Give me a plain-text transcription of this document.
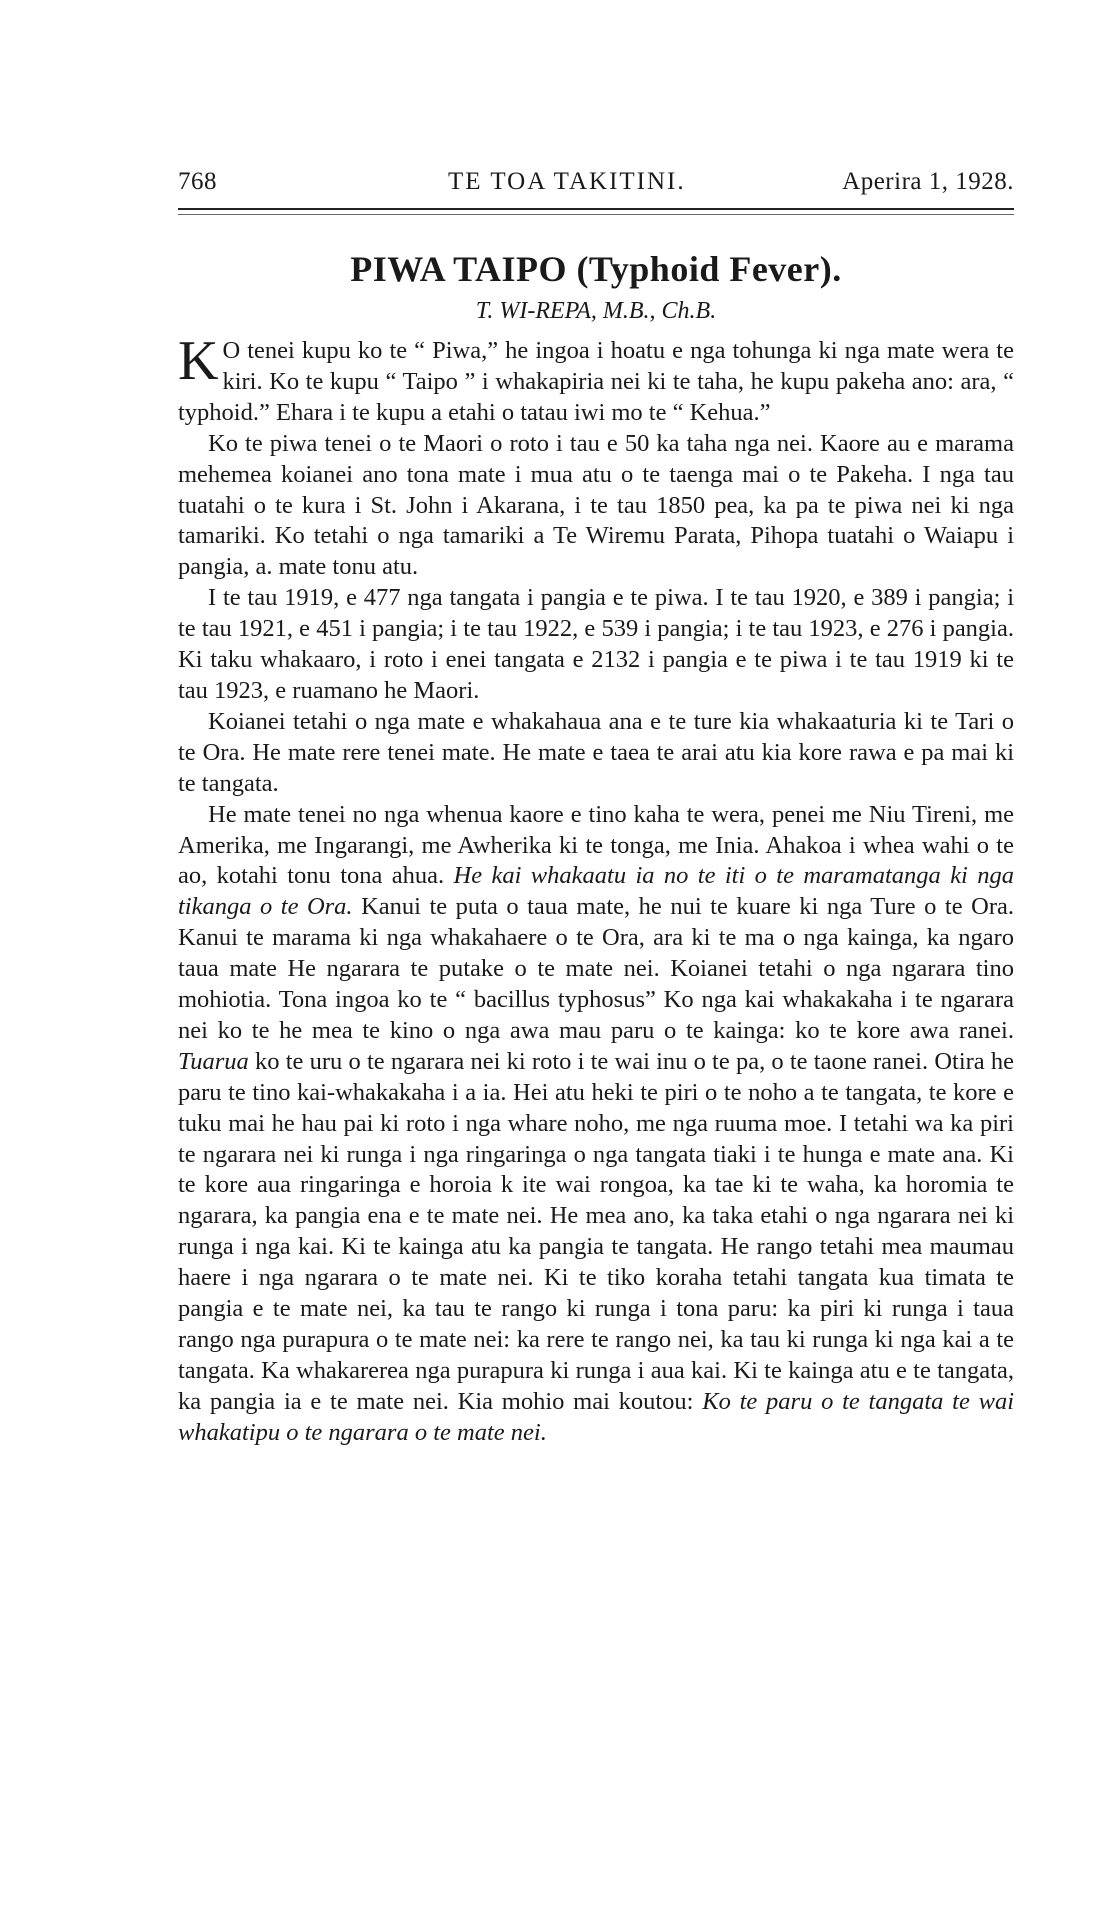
768	TE TOA TAKITINI.	Aperira 1, 1928.
PIWA TAIPO (Typhoid Fever).
T. WI-REPA, M.B., Ch.B.

K O tenei kupu ko te “ Piwa,” he ingoa i hoatu e nga tohunga ki nga mate wera te kiri. Ko te kupu “ Taipo ” i whakapiria nei ki te taha, he kupu pakeha ano: ara, “ typhoid.” Ehara i te kupu a etahi o tatau iwi mo te “ Kehua.”

Ko te piwa tenei o te Maori o roto i tau e 50 ka taha nga nei. Kaore au e marama mehemea koianei ano tona mate i mua atu o te taenga mai o te Pakeha. I nga tau tuatahi o te kura i St. John i Akarana, i te tau 1850 pea, ka pa te piwa nei ki nga tamariki. Ko tetahi o nga tamariki a Te Wiremu Parata, Pihopa tuatahi o Waiapu i pangia, a. mate tonu atu.

I te tau 1919, e 477 nga tangata i pangia e te piwa. I te tau 1920, e 389 i pangia; i te tau 1921, e 451 i pangia; i te tau 1922, e 539 i pangia; i te tau 1923, e 276 i pangia. Ki taku whakaaro, i roto i enei tangata e 2132 i pangia e te piwa i te tau 1919 ki te tau 1923, e ruamano he Maori.

Koianei tetahi o nga mate e whakahaua ana e te ture kia whakaaturia ki te Tari o te Ora. He mate rere tenei mate. He mate e taea te arai atu kia kore rawa e pa mai ki te tangata.

He mate tenei no nga whenua kaore e tino kaha te wera, penei me Niu Tireni, me Amerika, me Ingarangi, me Awherika ki te tonga, me Inia. Ahakoa i whea wahi o te ao, kotahi tonu tona ahua. He kai whakaatu ia no te iti o te maramatanga ki nga tikanga o te Ora. Kanui te puta o taua mate, he nui te kuare ki nga Ture o te Ora. Kanui te marama ki nga whakahaere o te Ora, ara ki te ma o nga kainga, ka ngaro taua mate He ngarara te putake o te mate nei. Koianei tetahi o nga ngarara tino mohiotia. Tona ingoa ko te “ bacillus typhosus” Ko nga kai whakakaha i te ngarara nei ko te he mea te kino o nga awa mau paru o te kainga: ko te kore awa ranei. Tuarua ko te uru o te ngarara nei ki roto i te wai inu o te pa, o te taone ranei. Otira he paru te tino kai-whakakaha i a ia. Hei atu heki te piri o te noho a te tangata, te kore e tuku mai he hau pai ki roto i nga whare noho, me nga ruuma moe. I tetahi wa ka piri te ngarara nei ki runga i nga ringaringa o nga tangata tiaki i te hunga e mate ana. Ki te kore aua ringaringa e horoia k ite wai rongoa, ka tae ki te waha, ka horomia te ngarara, ka pangia ena e te mate nei. He mea ano, ka taka etahi o nga ngarara nei ki runga i nga kai. Ki te kainga atu ka pangia te tangata. He rango tetahi mea maumau haere i nga ngarara o te mate nei. Ki te tiko koraha tetahi tangata kua timata te pangia e te mate nei, ka tau te rango ki runga i tona paru: ka piri ki runga i taua rango nga purapura o te mate nei: ka rere te rango nei, ka tau ki runga ki nga kai a te tangata. Ka whakarerea nga purapura ki runga i aua kai. Ki te kainga atu e te tangata, ka pangia ia e te mate nei. Kia mohio mai koutou: Ko te paru o te tangata te wai whakatipu o te ngarara o te mate nei.
